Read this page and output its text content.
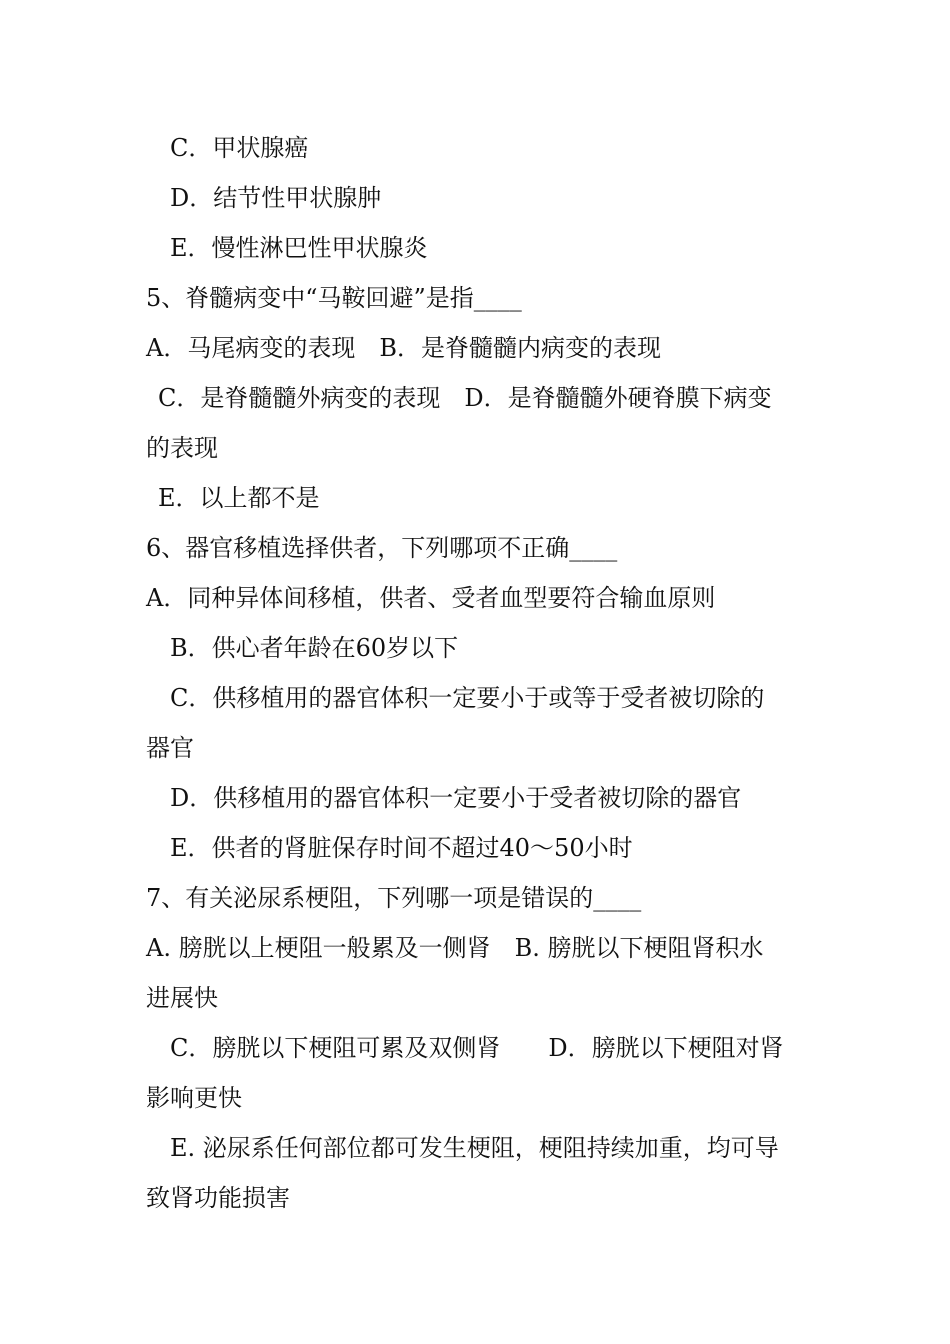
C．甲状腺癌
D．结节性甲状腺肿
E．慢性淋巴性甲状腺炎
5、脊髓病变中“马鞍回避”是指____
A．马尾病变的表现　B．是脊髓髓内病变的表现
C．是脊髓髓外病变的表现　D．是脊髓髓外硬脊膜下病变
的表现
E．以上都不是
6、器官移植选择供者，下列哪项不正确____
A．同种异体间移植，供者、受者血型要符合输血原则
B．供心者年龄在60岁以下
C．供移植用的器官体积一定要小于或等于受者被切除的
器官
D．供移植用的器官体积一定要小于受者被切除的器官
E．供者的肾脏保存时间不超过40～50小时
7、有关泌尿系梗阻，下列哪一项是错误的____
A. 膀胱以上梗阻一般累及一侧肾　B. 膀胱以下梗阻肾积水
进展快
C．膀胱以下梗阻可累及双侧肾　　D．膀胱以下梗阻对肾
影响更快
E. 泌尿系任何部位都可发生梗阻，梗阻持续加重，均可导
致肾功能损害
